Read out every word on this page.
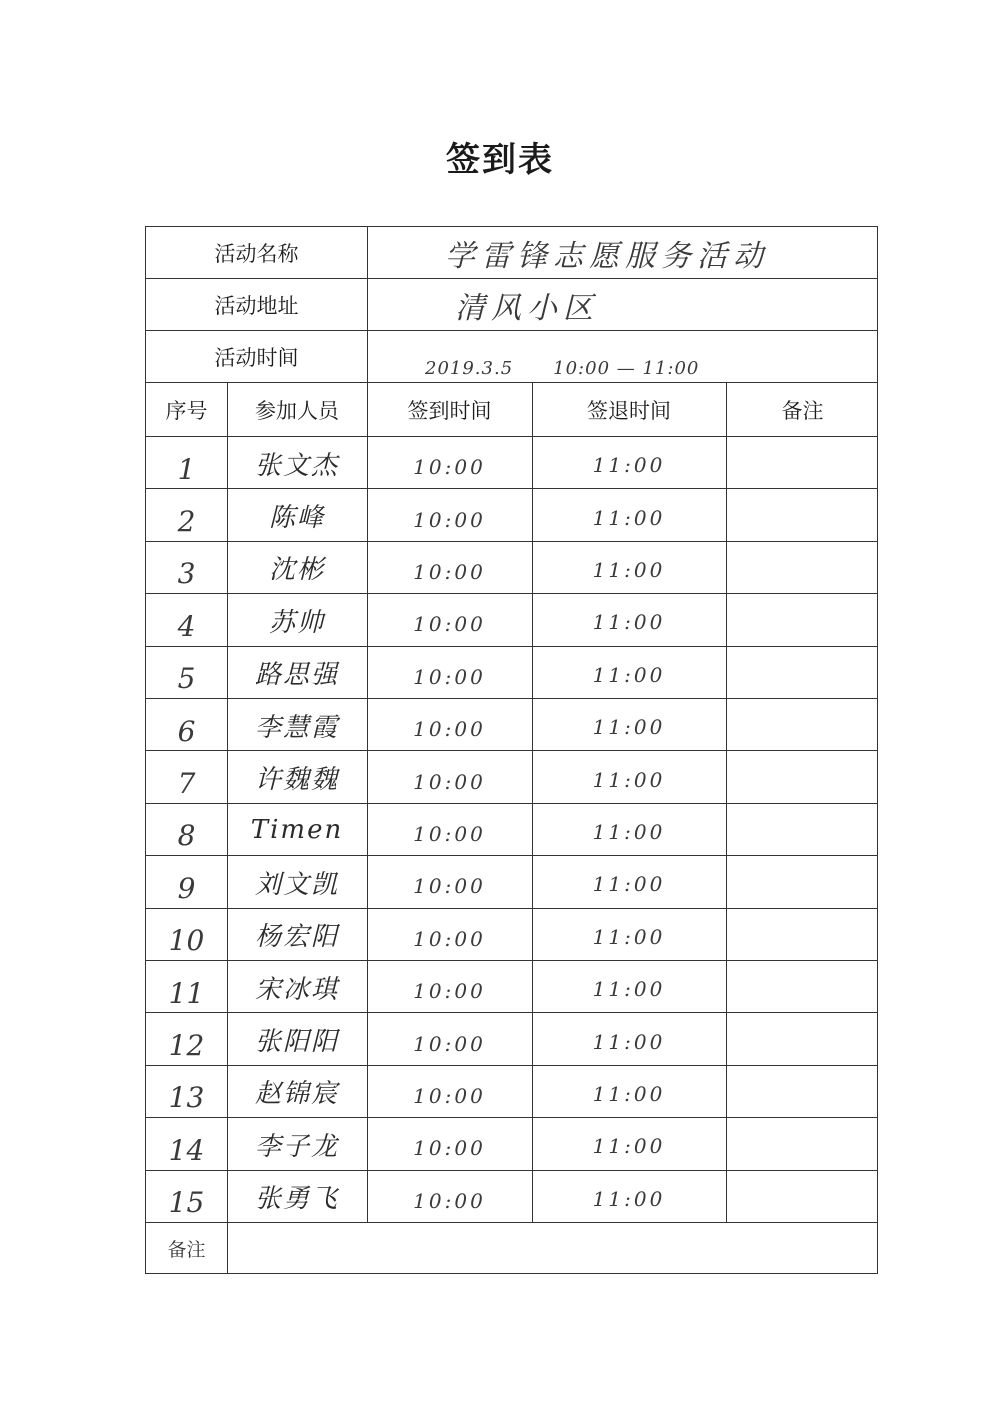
签到表
活动名称	学雷锋志愿服务活动
活动地址	清风小区
活动时间	2019.3.5 10:00 — 11:00
序号	参加人员	签到时间	签退时间	备注
1	张文杰	10:00	11:00
2	陈峰	10:00	11:00
3	沈彬	10:00	11:00
4	苏帅	10:00	11:00
5	路思强	10:00	11:00
6	李慧霞	10:00	11:00
7	许魏魏	10:00	11:00
8	Timen	10:00	11:00
9	刘文凯	10:00	11:00
10	杨宏阳	10:00	11:00
11	宋冰琪	10:00	11:00
12	张阳阳	10:00	11:00
13	赵锦宸	10:00	11:00
14	李子龙	10:00	11:00
15	张勇飞	10:00	11:00
备注
